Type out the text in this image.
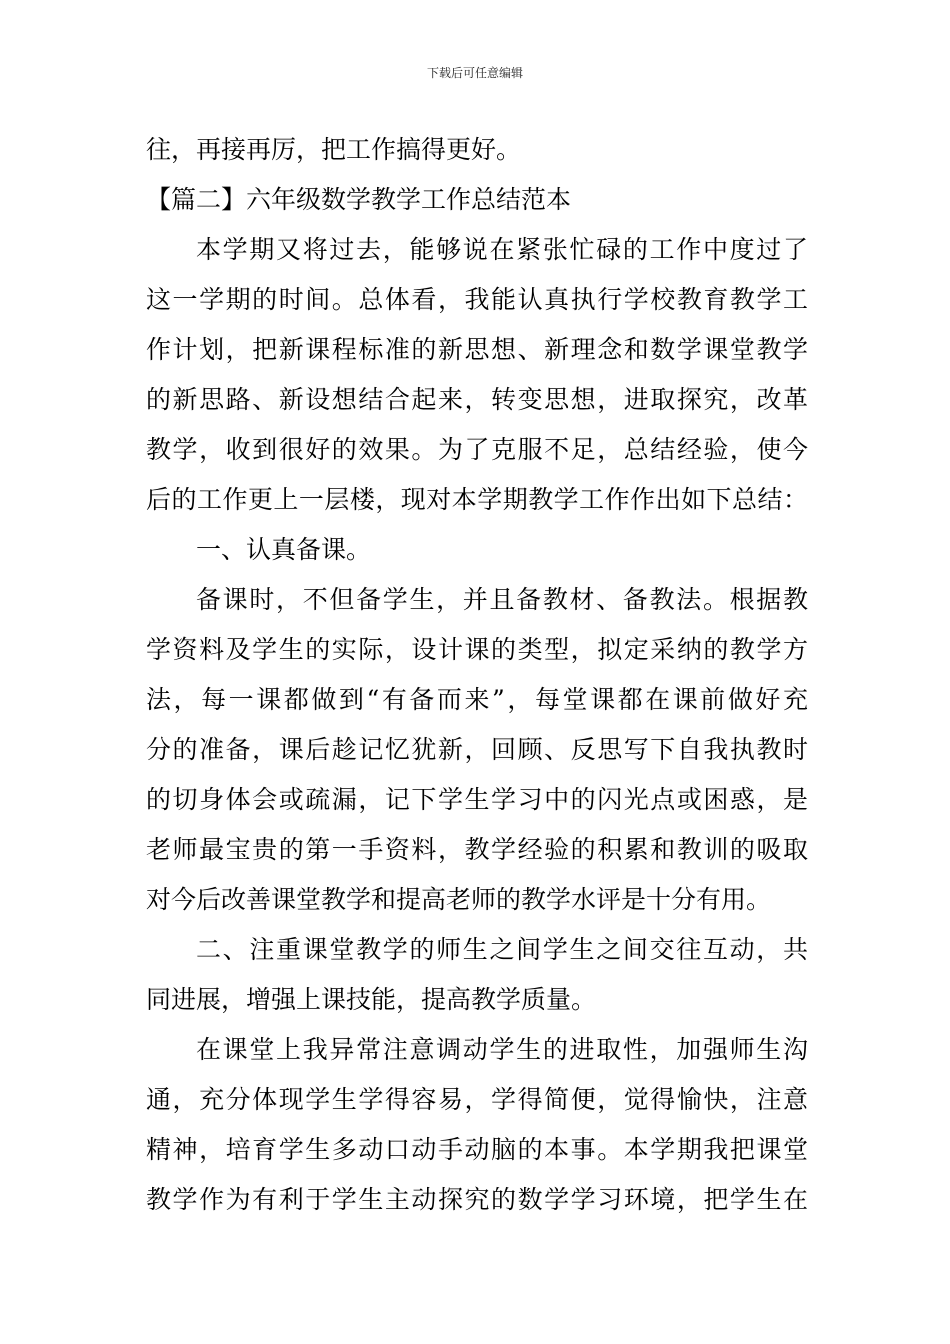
下载后可任意编辑
往，再接再厉，把工作搞得更好。
【篇二】六年级数学教学工作总结范本
本学期又将过去，能够说在紧张忙碌的工作中度过了
这一学期的时间。总体看，我能认真执行学校教育教学工
作计划，把新课程标准的新思想、新理念和数学课堂教学
的新思路、新设想结合起来，转变思想，进取探究，改革
教学，收到很好的效果。为了克服不足，总结经验，使今
后的工作更上一层楼，现对本学期教学工作作出如下总结：
一、认真备课。
备课时，不但备学生，并且备教材、备教法。根据教
学资料及学生的实际，设计课的类型，拟定采纳的教学方
法，每一课都做到“有备而来”，每堂课都在课前做好充
分的准备，课后趁记忆犹新，回顾、反思写下自我执教时
的切身体会或疏漏，记下学生学习中的闪光点或困惑，是
老师最宝贵的第一手资料，教学经验的积累和教训的吸取
对今后改善课堂教学和提高老师的教学水评是十分有用。
二、注重课堂教学的师生之间学生之间交往互动，共
同进展，增强上课技能，提高教学质量。
在课堂上我异常注意调动学生的进取性，加强师生沟
通，充分体现学生学得容易，学得简便，觉得愉快，注意
精神，培育学生多动口动手动脑的本事。本学期我把课堂
教学作为有利于学生主动探究的数学学习环境，把学生在
